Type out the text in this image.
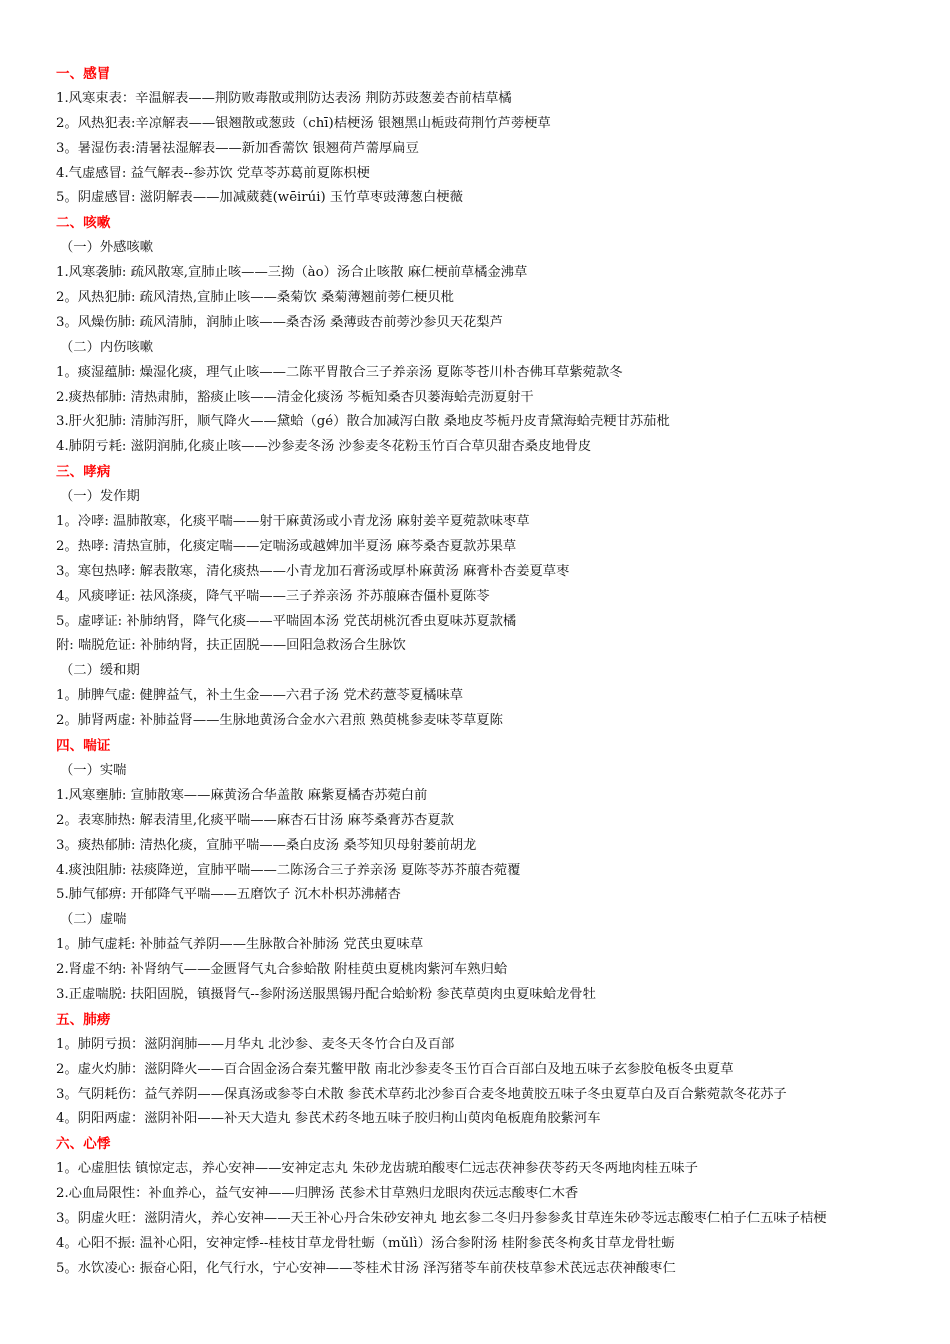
一、感冒
1.风寒束表：辛温解表——荆防败毒散或荆防达表汤 荆防苏豉葱姜杏前桔草橘
2。风热犯表:辛凉解表——银翘散或葱豉（chī)桔梗汤 银翘黑山栀豉荷荆竹芦蒡梗草
3。暑湿伤表:清暑祛湿解表——新加香薷饮 银翘荷芦薷厚扁豆
4.气虚感冒: 益气解表--参苏饮 党草苓苏葛前夏陈枳梗
5。阴虚感冒: 滋阴解表——加减葳蕤(wēirúi) 玉竹草枣豉薄葱白梗薇
二、咳嗽
（一）外感咳嗽
1.风寒袭肺: 疏风散寒,宣肺止咳——三拗（ào）汤合止咳散 麻仁梗前草橘金沸草
2。风热犯肺: 疏风清热,宣肺止咳——桑菊饮 桑菊薄翘前蒡仁梗贝枇
3。风燥伤肺: 疏风清肺，润肺止咳——桑杏汤 桑薄豉杏前蒡沙参贝天花梨芦
（二）内伤咳嗽
1。痰湿蕴肺: 燥湿化痰，理气止咳——二陈平胃散合三子养亲汤 夏陈苓苍川朴杏佛耳草紫菀款冬
2.痰热郁肺: 清热肃肺，豁痰止咳——清金化痰汤 芩栀知桑杏贝蒌海蛤壳沥夏射干
3.肝火犯肺: 清肺泻肝，顺气降火——黛蛤（gé）散合加减泻白散 桑地皮芩栀丹皮青黛海蛤壳粳甘苏茄枇
4.肺阴亏耗: 滋阴润肺,化痰止咳——沙参麦冬汤 沙参麦冬花粉玉竹百合草贝甜杏桑皮地骨皮
三、哮病
（一）发作期
1。冷哮: 温肺散寒，化痰平喘——射干麻黄汤或小青龙汤 麻射姜辛夏菀款味枣草
2。热哮: 清热宣肺，化痰定喘——定喘汤或越婢加半夏汤 麻芩桑杏夏款苏果草
3。寒包热哮: 解表散寒，清化痰热——小青龙加石膏汤或厚朴麻黄汤 麻膏朴杏姜夏草枣
4。风痰哮证: 祛风涤痰，降气平喘——三子养亲汤 芥苏菔麻杏僵朴夏陈苓
5。虚哮证: 补肺纳肾，降气化痰——平喘固本汤 党芪胡桃沉香虫夏味苏夏款橘
附: 喘脱危证: 补肺纳肾，扶正固脱——回阳急救汤合生脉饮
（二）缓和期
1。肺脾气虚: 健脾益气，补土生金——六君子汤 党术药薏苓夏橘味草
2。肺肾两虚: 补肺益肾——生脉地黄汤合金水六君煎 熟萸桃参麦味苓草夏陈
四、喘证
（一）实喘
1.风寒壅肺: 宣肺散寒——麻黄汤合华盖散 麻紫夏橘杏苏菀白前
2。表寒肺热: 解表清里,化痰平喘——麻杏石甘汤 麻芩桑膏苏杏夏款
3。痰热郁肺: 清热化痰，宣肺平喘——桑白皮汤 桑芩知贝母射蒌前胡龙
4.痰浊阻肺: 祛痰降逆，宣肺平喘——二陈汤合三子养亲汤 夏陈苓苏芥菔杏菀覆
5.肺气郁痹: 开郁降气平喘——五磨饮子 沉木朴枳苏沸赭杏
（二）虚喘
1。肺气虚耗: 补肺益气养阴——生脉散合补肺汤 党芪虫夏味草
2.肾虚不纳: 补肾纳气——金匮肾气丸合参蛤散 附桂萸虫夏桃肉紫河车熟归蛤
3.正虚喘脱: 扶阳固脱，镇摄肾气--参附汤送服黑锡丹配合蛤蚧粉 参芪草萸肉虫夏味蛤龙骨牡
五、肺痨
1。肺阴亏损：滋阴润肺——月华丸 北沙参、麦冬天冬竹合白及百部
2。虚火灼肺：滋阴降火——百合固金汤合秦艽鳖甲散 南北沙参麦冬玉竹百合百部白及地五味子玄参胶龟板冬虫夏草
3。气阴耗伤：益气养阴——保真汤或参苓白术散 参芪术草药北沙参百合麦冬地黄胶五味子冬虫夏草白及百合紫菀款冬花苏子
4。阴阳两虚：滋阴补阳——补天大造丸 参芪术药冬地五味子胶归枸山萸肉龟板鹿角胶紫河车
六、心悸
1。心虚胆怯 镇惊定志，养心安神——安神定志丸 朱砂龙齿琥珀酸枣仁远志茯神参茯苓药天冬两地肉桂五味子
2.心血局限性：补血养心，益气安神——归脾汤 芪参术甘草熟归龙眼肉茯远志酸枣仁木香
3。阴虚火旺：滋阴清火，养心安神——天王补心丹合朱砂安神丸 地玄参二冬归丹参参炙甘草连朱砂苓远志酸枣仁柏子仁五味子桔梗
4。心阳不振: 温补心阳，安神定悸--桂枝甘草龙骨牡蛎（mǔlì）汤合参附汤 桂附参芪冬枸炙甘草龙骨牡蛎
5。水饮凌心: 振奋心阳，化气行水，宁心安神——苓桂术甘汤 泽泻猪苓车前茯枝草参术芪远志茯神酸枣仁
